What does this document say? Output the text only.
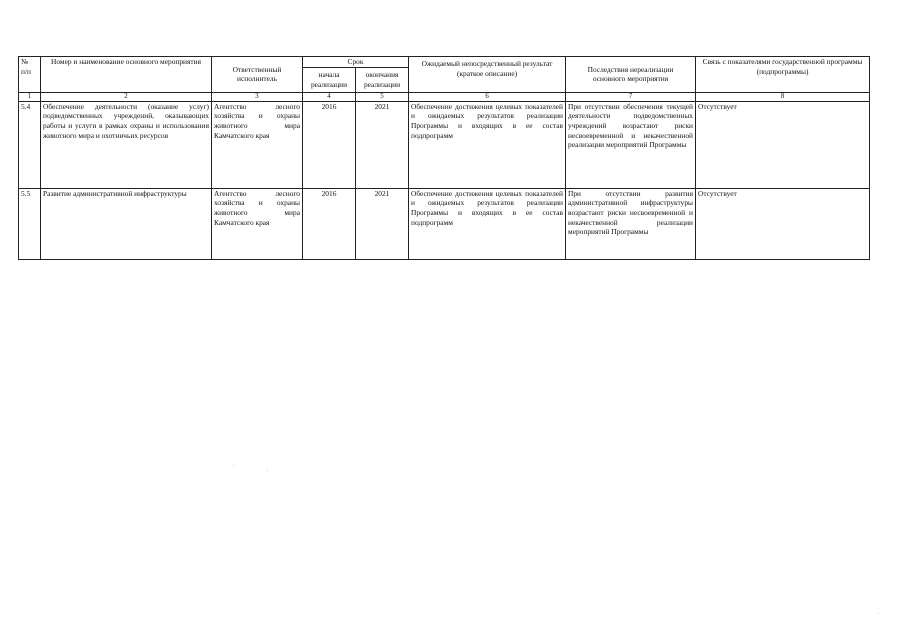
№
п/п	Номер и наименование основного мероприятия	Ответственный исполнитель	Срок		Ожидаемый непосредственный результат (краткое описание)	Последствия нереализации основного мероприятия	Связь с показателями государственной программы (подпрограммы)
			начала реализации	окончания реализации			
1	2	3	4	5	6	7	8
5.4	Обеспечение деятельности (оказание услуг) подведомственных учреждений, оказывающих работы и услуги в рамках охраны и использования животного мира и охотничьих ресурсов	Агентство лесного хозяйства и охраны животного мира Камчатского края	2016	2021	Обеспечение достижения целевых показателей и ожидаемых результатов реализации Программы и входящих в ее состав подпрограмм	При отсутствии обеспечения текущей деятельности подведомственных учреждений возрастают риски несвоевременной и некачественной реализации мероприятий Программы	Отсутствует
5.5	Развитие административной инфраструктуры	Агентство лесного хозяйства и охраны животного мира Камчатского края	2016	2021	Обеспечение достижения целевых показателей и ожидаемых результатов реализации Программы и входящих в ее состав подпрограмм	При отсутствии развития административной инфраструктуры возрастают риски несвоевременной и некачественной реализации мероприятий Программы	Отсутствует
·
·
·
